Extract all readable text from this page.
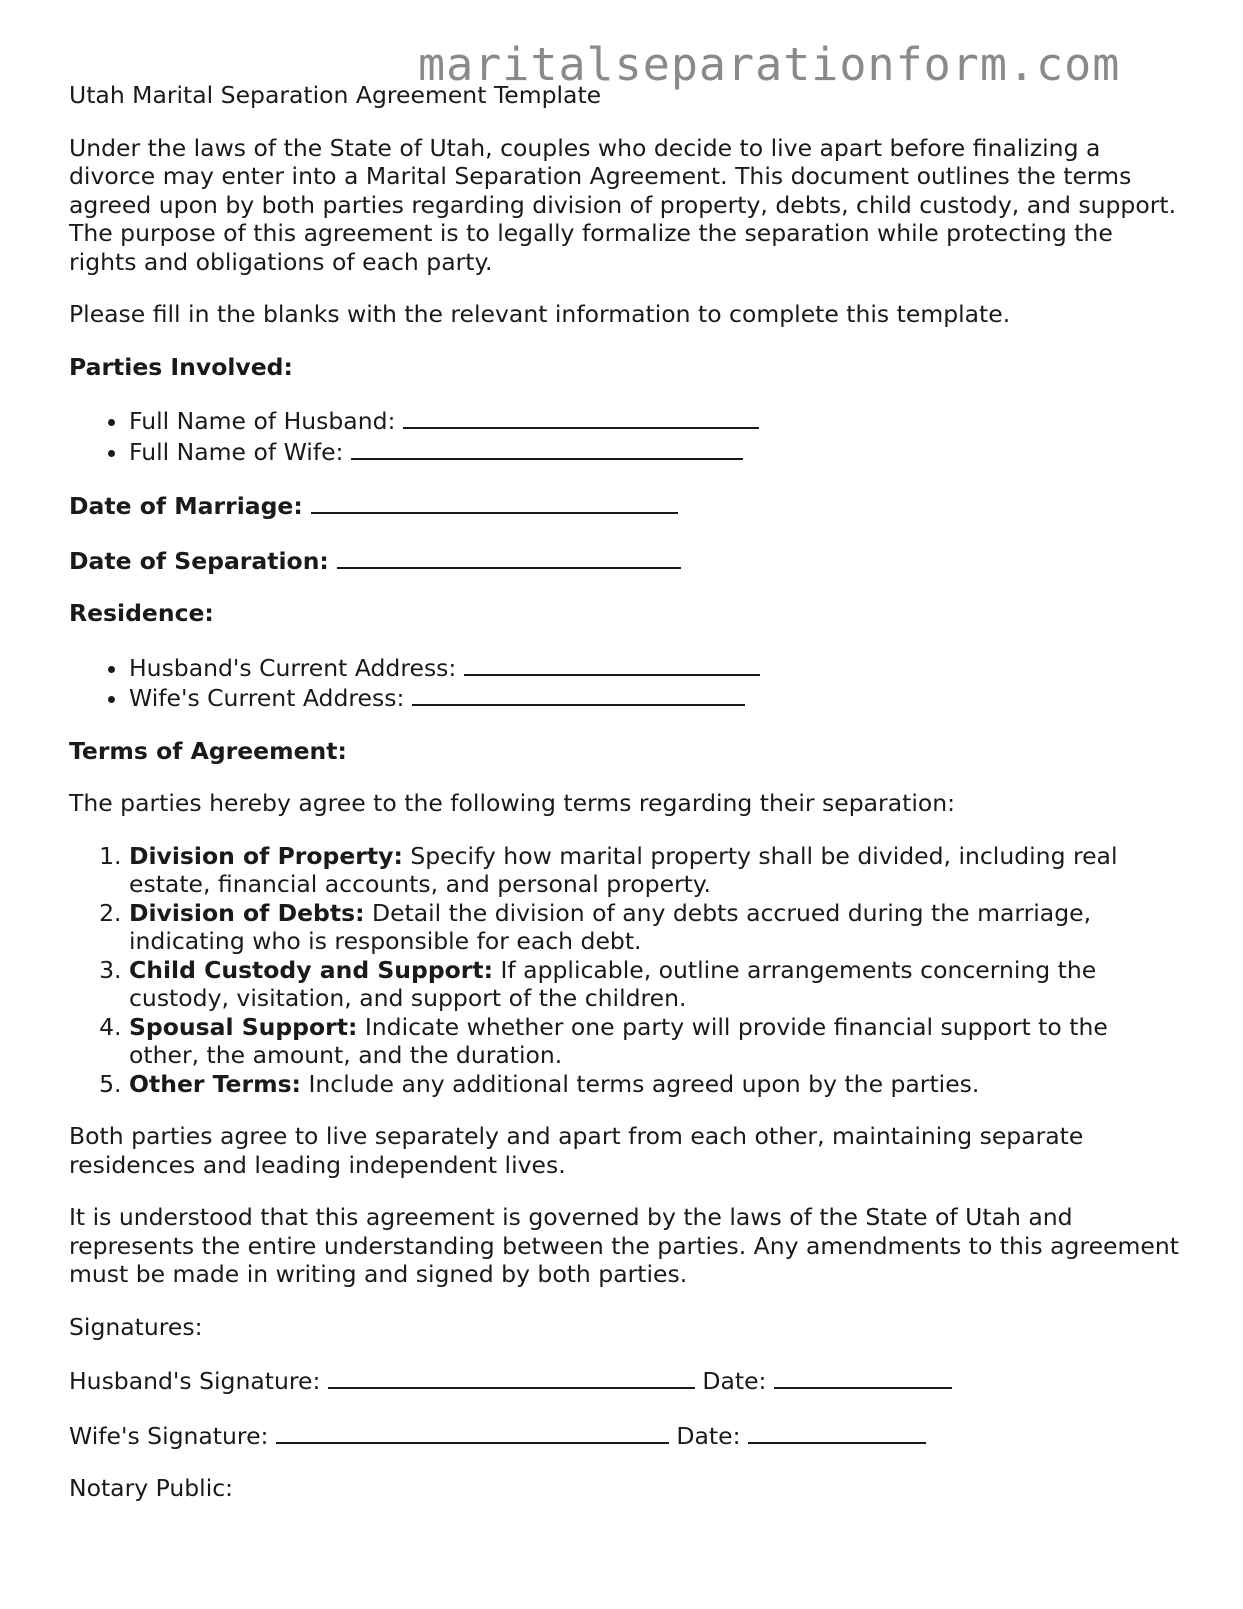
maritalseparationform.com

Utah Marital Separation Agreement Template

Under the laws of the State of Utah, couples who decide to live apart before finalizing a divorce may enter into a Marital Separation Agreement. This document outlines the terms agreed upon by both parties regarding division of property, debts, child custody, and support. The purpose of this agreement is to legally formalize the separation while protecting the rights and obligations of each party.

Please fill in the blanks with the relevant information to complete this template.

Parties Involved:

• Full Name of Husband:
• Full Name of Wife:

Date of Marriage:

Date of Separation:

Residence:

• Husband's Current Address:
• Wife's Current Address:

Terms of Agreement:

The parties hereby agree to the following terms regarding their separation:

1. Division of Property: Specify how marital property shall be divided, including real estate, financial accounts, and personal property.
2. Division of Debts: Detail the division of any debts accrued during the marriage, indicating who is responsible for each debt.
3. Child Custody and Support: If applicable, outline arrangements concerning the custody, visitation, and support of the children.
4. Spousal Support: Indicate whether one party will provide financial support to the other, the amount, and the duration.
5. Other Terms: Include any additional terms agreed upon by the parties.

Both parties agree to live separately and apart from each other, maintaining separate residences and leading independent lives.

It is understood that this agreement is governed by the laws of the State of Utah and represents the entire understanding between the parties. Any amendments to this agreement must be made in writing and signed by both parties.

Signatures:

Husband's Signature:	Date:

Wife's Signature:	Date:

Notary Public:
